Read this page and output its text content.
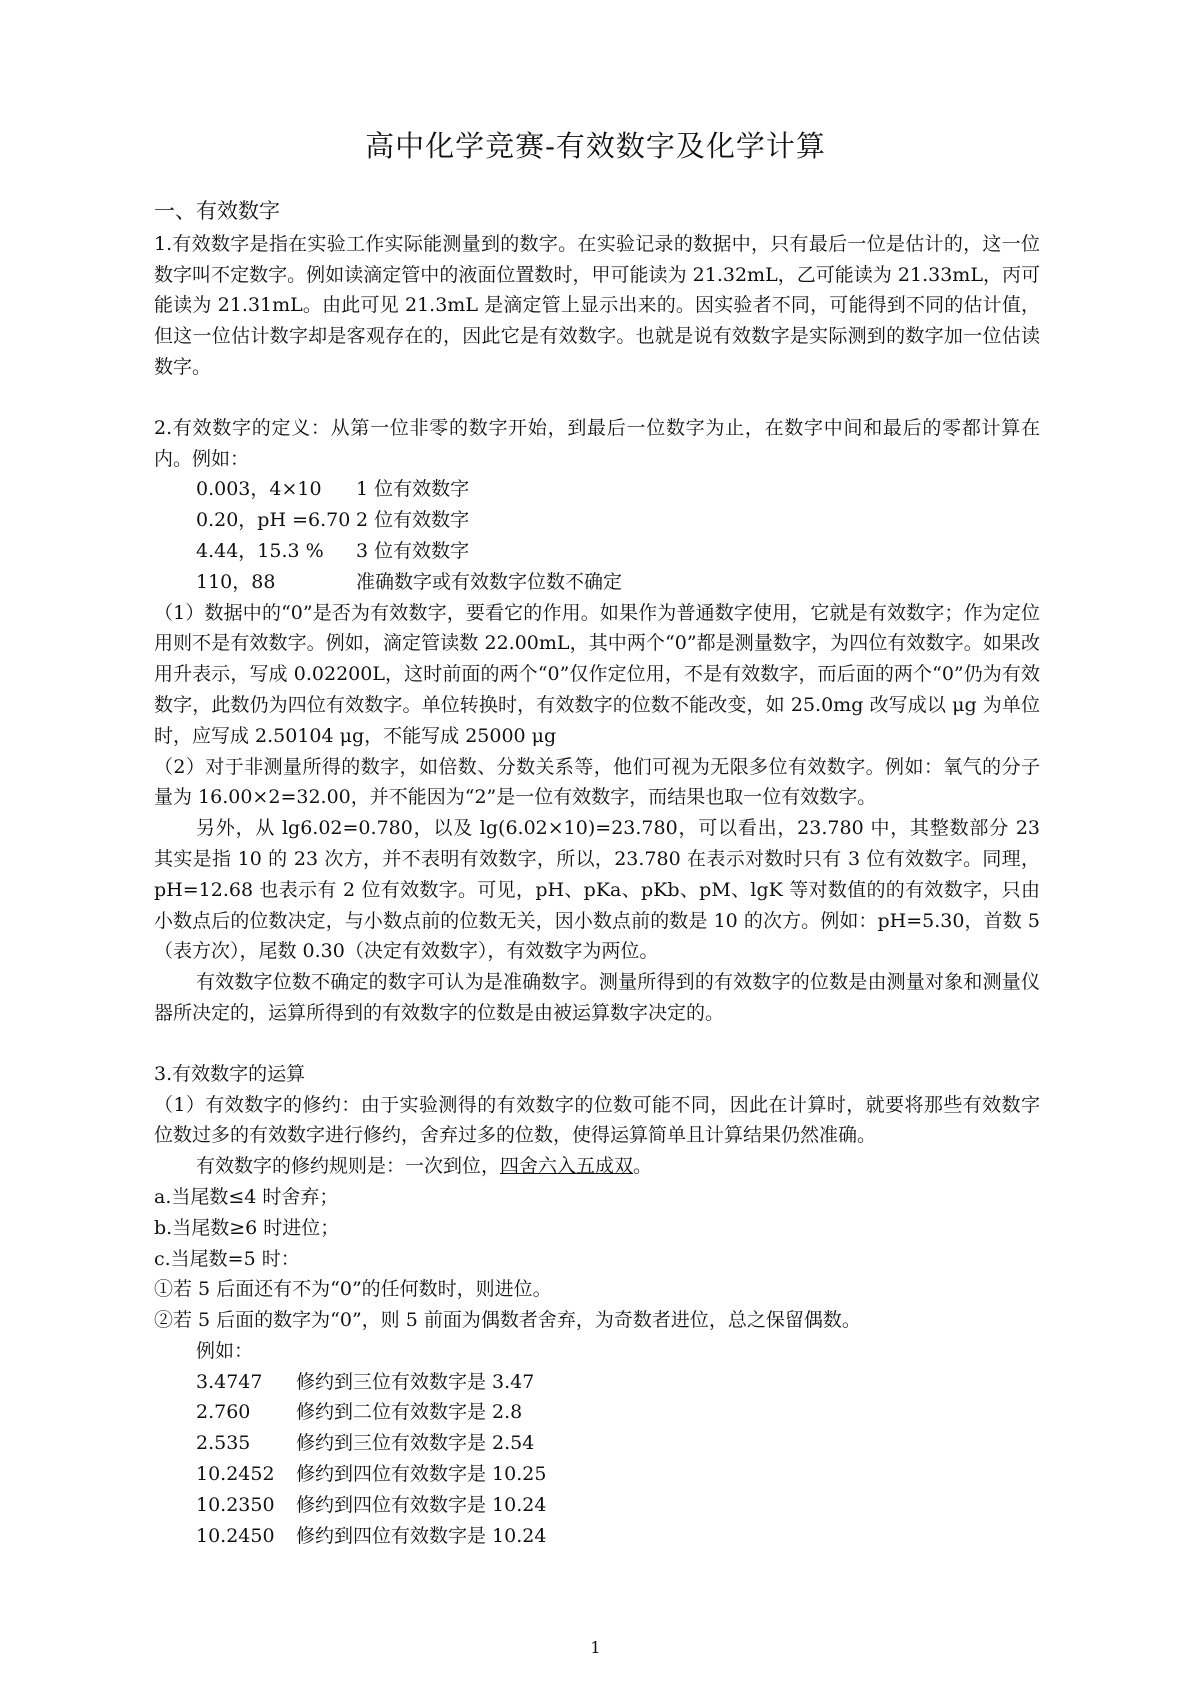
高中化学竞赛-有效数字及化学计算

一、有效数字

1.有效数字是指在实验工作实际能测量到的数字。在实验记录的数据中，只有最后一位是估计的，这一位数字叫不定数字。例如读滴定管中的液面位置数时，甲可能读为 21.32mL，乙可能读为 21.33mL，丙可能读为 21.31mL。由此可见 21.3mL 是滴定管上显示出来的。因实验者不同，可能得到不同的估计值，但这一位估计数字却是客观存在的，因此它是有效数字。也就是说有效数字是实际测到的数字加一位估读数字。

2.有效数字的定义：从第一位非零的数字开始，到最后一位数字为止，在数字中间和最后的零都计算在内。例如：

0.003，4×10 1 位有效数字

0.20，pH =6.70 2 位有效数字

4.44，15.3 % 3 位有效数字

110，88	准确数字或有效数字位数不确定

（1）数据中的“0”是否为有效数字，要看它的作用。如果作为普通数字使用，它就是有效数字；作为定位用则不是有效数字。例如，滴定管读数 22.00mL，其中两个“0”都是测量数字，为四位有效数字。如果改用升表示，写成 0.02200L，这时前面的两个“0”仅作定位用，不是有效数字，而后面的两个“0”仍为有效数字，此数仍为四位有效数字。单位转换时，有效数字的位数不能改变，如 25.0mg 改写成以 μg 为单位时，应写成 2.50104 μg，不能写成 25000 μg

（2）对于非测量所得的数字，如倍数、分数关系等，他们可视为无限多位有效数字。例如：氧气的分子量为 16.00×2=32.00，并不能因为“2”是一位有效数字，而结果也取一位有效数字。

另外，从 lg6.02=0.780，以及 lg(6.02×10)=23.780，可以看出，23.780 中，其整数部分 23 其实是指 10 的 23 次方，并不表明有效数字，所以，23.780 在表示对数时只有 3 位有效数字。同理，pH=12.68 也表示有 2 位有效数字。可见，pH、pKa、pKb、pM、lgK 等对数值的的有效数字，只由小数点后的位数决定，与小数点前的位数无关，因小数点前的数是 10 的次方。例如：pH=5.30，首数 5（表方次），尾数 0.30（决定有效数字），有效数字为两位。

有效数字位数不确定的数字可认为是准确数字。测量所得到的有效数字的位数是由测量对象和测量仪器所决定的，运算所得到的有效数字的位数是由被运算数字决定的。

3.有效数字的运算

（1）有效数字的修约：由于实验测得的有效数字的位数可能不同，因此在计算时，就要将那些有效数字位数过多的有效数字进行修约，舍弃过多的位数，使得运算简单且计算结果仍然准确。

有效数字的修约规则是：一次到位，四舍六入五成双。

a.当尾数≤4 时舍弃；

b.当尾数≥6 时进位；

c.当尾数=5 时：

①若 5 后面还有不为“0”的任何数时，则进位。

②若 5 后面的数字为“0”，则 5 前面为偶数者舍弃，为奇数者进位，总之保留偶数。

例如：

3.4747 修约到三位有效数字是 3.47

2.760 修约到二位有效数字是 2.8

2.535 修约到三位有效数字是 2.54

10.2452 修约到四位有效数字是 10.25

10.2350 修约到四位有效数字是 10.24

10.2450 修约到四位有效数字是 10.24

1
